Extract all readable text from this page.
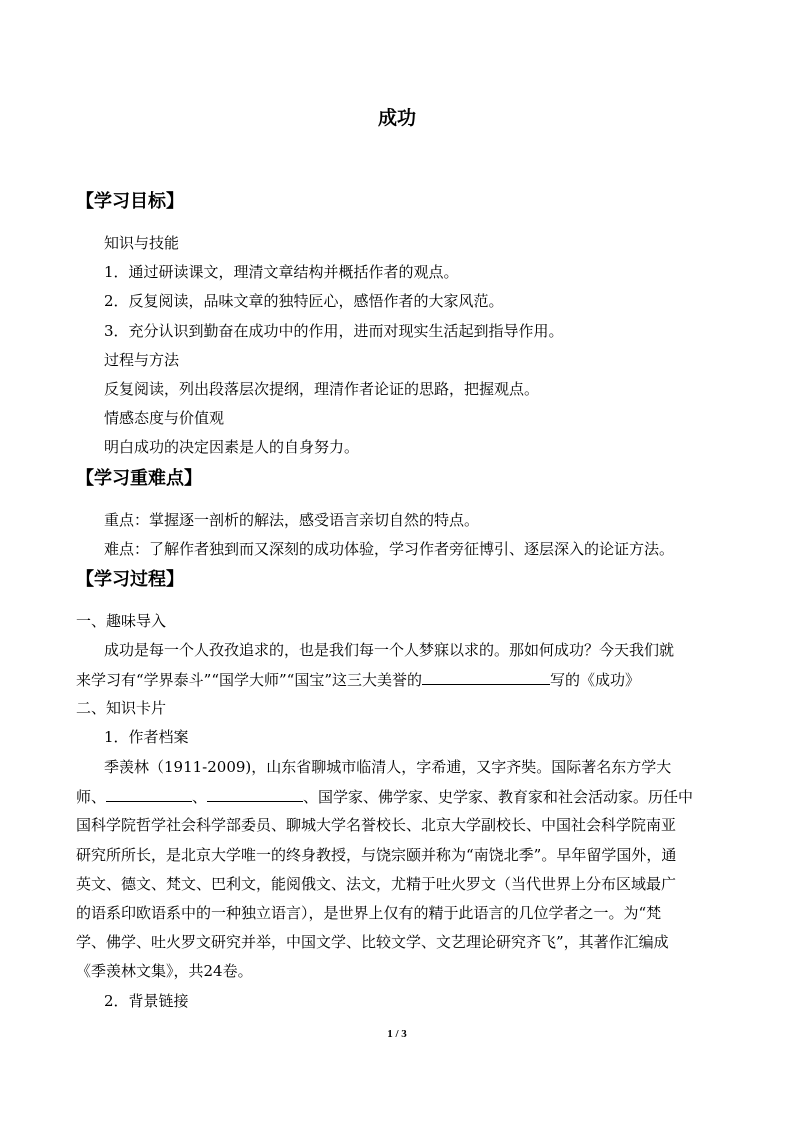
成功
【学习目标】
知识与技能
1．通过研读课文，理清文章结构并概括作者的观点。
2．反复阅读，品味文章的独特匠心，感悟作者的大家风范。
3．充分认识到勤奋在成功中的作用，进而对现实生活起到指导作用。
过程与方法
反复阅读，列出段落层次提纲，理清作者论证的思路，把握观点。
情感态度与价值观
明白成功的决定因素是人的自身努力。
【学习重难点】
重点：掌握逐一剖析的解法，感受语言亲切自然的特点。
难点：了解作者独到而又深刻的成功体验，学习作者旁征博引、逐层深入的论证方法。
【学习过程】
一、趣味导入
成功是每一个人孜孜追求的，也是我们每一个人梦寐以求的。那如何成功？今天我们就
来学习有“学界泰斗”“国学大师”“国宝”这三大美誉的	写的《成功》
二、知识卡片
1．作者档案
季羡林（1911-2009)，山东省聊城市临清人，字希逋，又字齐奘。国际著名东方学大
师、	、	、国学家、佛学家、史学家、教育家和社会活动家。历任中
国科学院哲学社会科学部委员、聊城大学名誉校长、北京大学副校长、中国社会科学院南亚
研究所所长，是北京大学唯一的终身教授，与饶宗颐并称为“南饶北季”。早年留学国外，通
英文、德文、梵文、巴利文，能阅俄文、法文，尤精于吐火罗文（当代世界上分布区域最广
的语系印欧语系中的一种独立语言），是世界上仅有的精于此语言的几位学者之一。为“梵
学、佛学、吐火罗文研究并举，中国文学、比较文学、文艺理论研究齐飞”，其著作汇编成
《季羡林文集》，共24卷。
2．背景链接
1 / 3
